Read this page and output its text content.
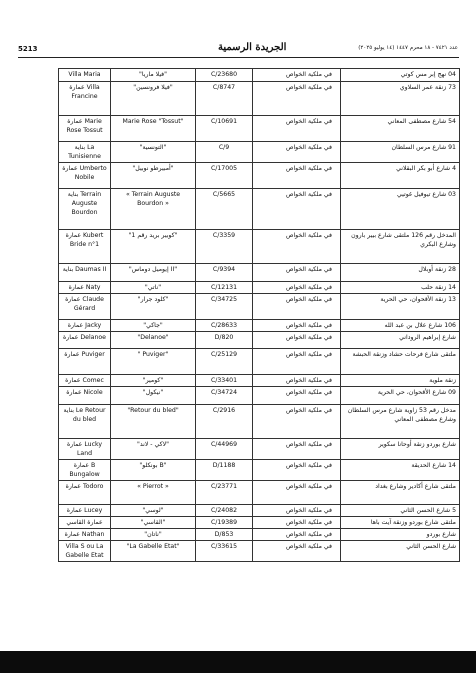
عدد ٧٤٢١ - ١٨ محرم ١٤٤٧ (١٤ يوليو ٢٠٢٥)
الجريدة الرسمية
5213
Villa Maria	"فيلا ماريا"	C/23680	في ملكية الخواص	04 نهج إبر مس كوتي
عمارة Villa Francine	"فيلا فرونسين"	C/8747	في ملكية الخواص	73 زنقة عمر السلاوي
عمارة Marie Rose Tossut	Marie Rose "Tossut"	C/10691	في ملكية الخواص	54 شارع مصطفى المعاني
بناية La Tunisienne	"التونسية"	C/9	في ملكية الخواص	91 شارع مرس السلطان
عمارة Umberto Nobile	"أمبيرطو نوبيل"	C/17005	في ملكية الخواص	4 شارع أبو بكر البقلاني
بناية Terrain Auguste Bourdon	« Terrain Auguste Bourdon »	C/5665	في ملكية الخواص	03 شارع تيوفيل غوتيي
عمارة Kubert Bride n°1	"كوبير بريد رقم 1"	C/3359	في ملكية الخواص	المدخل رقم 126 ملتقى شارع بيير بارون وشارع البكري
بناية Daumas II	"إيوميل دوماس II"	C/9394	في ملكية الخواص	28 زنقة أوبلال
عمارة Naty	"ناتي"	C/12131	في ملكية الخواص	14 زنقة حلب
عمارة Claude Gérard	"كلود جرار"	C/34725	في ملكية الخواص	13 زنقة الأقحوان، حي الحرية
عمارة Jacky	"جاكي"	C/28633	في ملكية الخواص	106 شارع علال بن عبد الله
عمارة Delanoe	"Delanoe"	D/820	في ملكية الخواص	شارع إبراهيم الروداني
عمارة Puviger	" Puviger"	C/25129	في ملكية الخواص	ملتقى شارع فرحات حشاد وزنقة الحبشة
عمارة Comec	"كومير"	C/33401	في ملكية الخواص	زنقة ملوية
عمارة Nicole	"نيكول"	C/34724	في ملكية الخواص	09 شارع الأقحوان، حي الحرية
بناية Le Retour du bled	"Retour du bled"	C/2916	في ملكية الخواص	مدخل رقم 53 زاوية شارع مرس السلطان وشارع مصطفى المعاني
عمارة Lucky Land	"لاكي - لاند"	C/44969	في ملكية الخواص	شارع بوردو زنقة أوحانا سكوير
عمارة B Bungalow	"بونكلو B"	D/1188	في ملكية الخواص	14 شارع الحديقة
عمارة Todoro	« Pierrot »	C/23771	في ملكية الخواص	ملتقى شارع أكادير وشارع بغداد
عمارة Lucey	"لوسي"	C/24082	في ملكية الخواص	5 شارع الحسن الثاني
عمارة القاسي	"القاسي"	C/19389	في ملكية الخواص	ملتقى شارع بوردو وزنقة آيت باها
عمارة Nathan	"ناتان"	D/853	في ملكية الخواص	شارع بوردو
Villa S ou La Gabelle Etat	"La Gabelle Etat"	C/33615	في ملكية الخواص	شارع الحسن الثاني
